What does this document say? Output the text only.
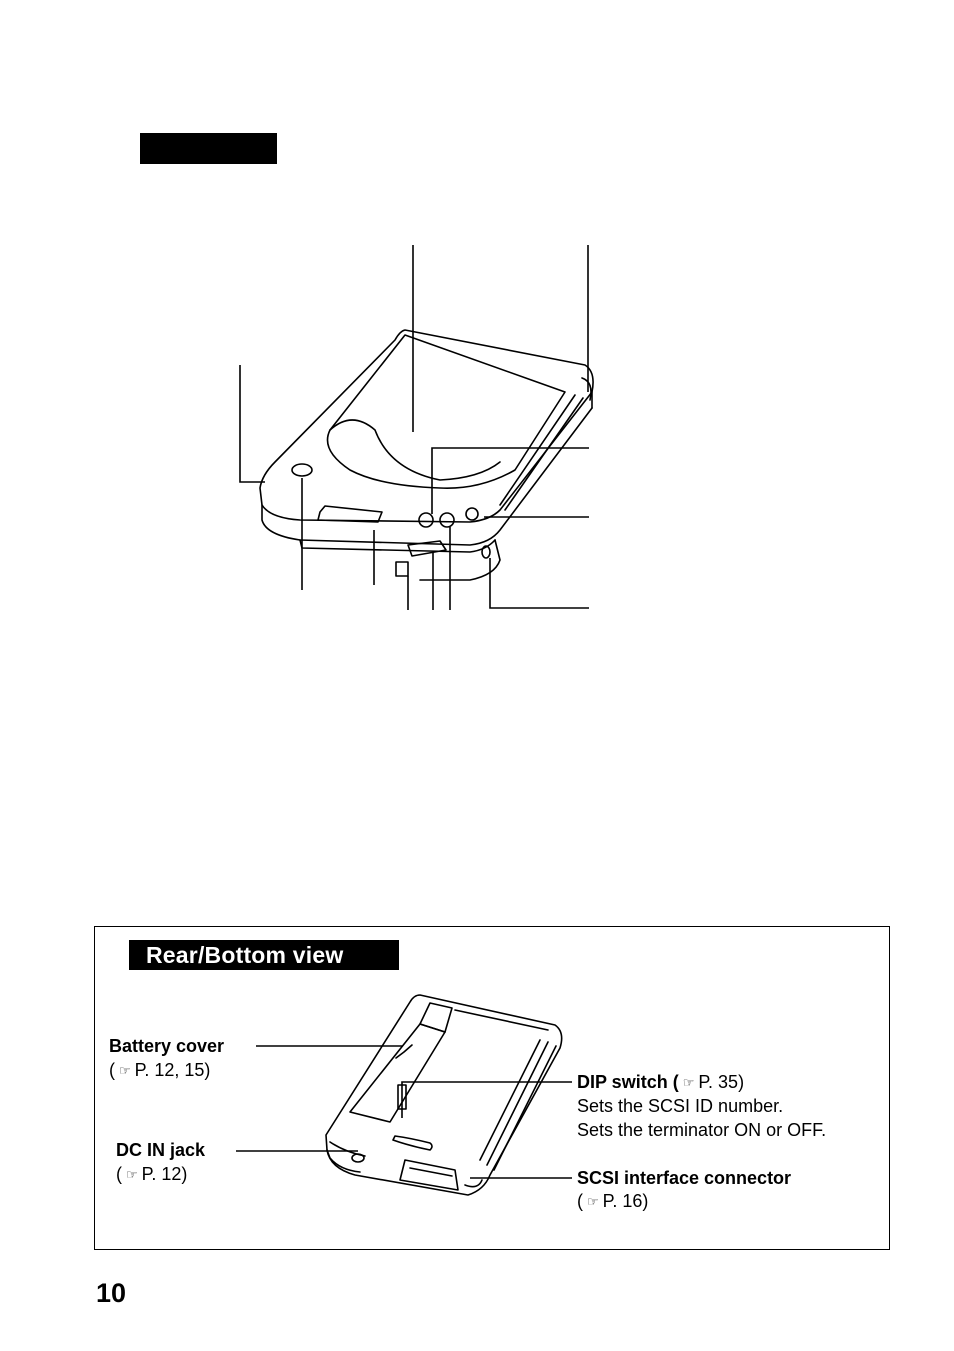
Rear/Bottom view
Battery cover
( ☞ P. 12, 15)
DC IN jack
( ☞ P. 12)
DIP switch ( ☞ P. 35)
Sets the SCSI ID number.
Sets the terminator ON or OFF.
SCSI interface connector
( ☞ P. 16)
10
